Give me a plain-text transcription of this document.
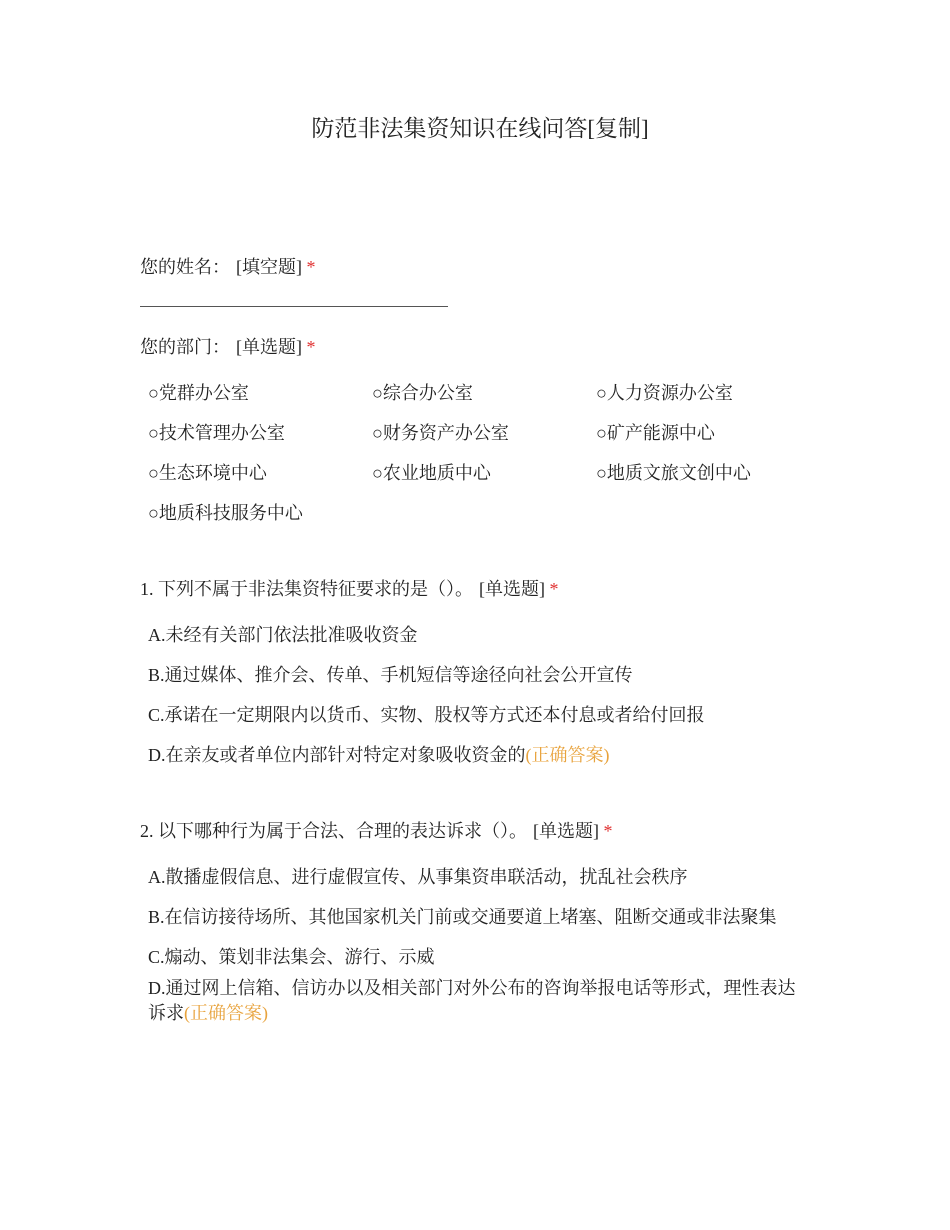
防范非法集资知识在线问答[复制]
您的姓名： [填空题] *
您的部门： [单选题] *
○党群办公室	○综合办公室	○人力资源办公室
○技术管理办公室	○财务资产办公室	○矿产能源中心
○生态环境中心	○农业地质中心	○地质文旅文创中心
○地质科技服务中心
1. 下列不属于非法集资特征要求的是（）。 [单选题] *
A.未经有关部门依法批准吸收资金
B.通过媒体、推介会、传单、手机短信等途径向社会公开宣传
C.承诺在一定期限内以货币、实物、股权等方式还本付息或者给付回报
D.在亲友或者单位内部针对特定对象吸收资金的(正确答案)
2. 以下哪种行为属于合法、合理的表达诉求（）。 [单选题] *
A.散播虚假信息、进行虚假宣传、从事集资串联活动，扰乱社会秩序
B.在信访接待场所、其他国家机关门前或交通要道上堵塞、阻断交通或非法聚集
C.煽动、策划非法集会、游行、示威
D.通过网上信箱、信访办以及相关部门对外公布的咨询举报电话等形式，理性表达诉求(正确答案)
